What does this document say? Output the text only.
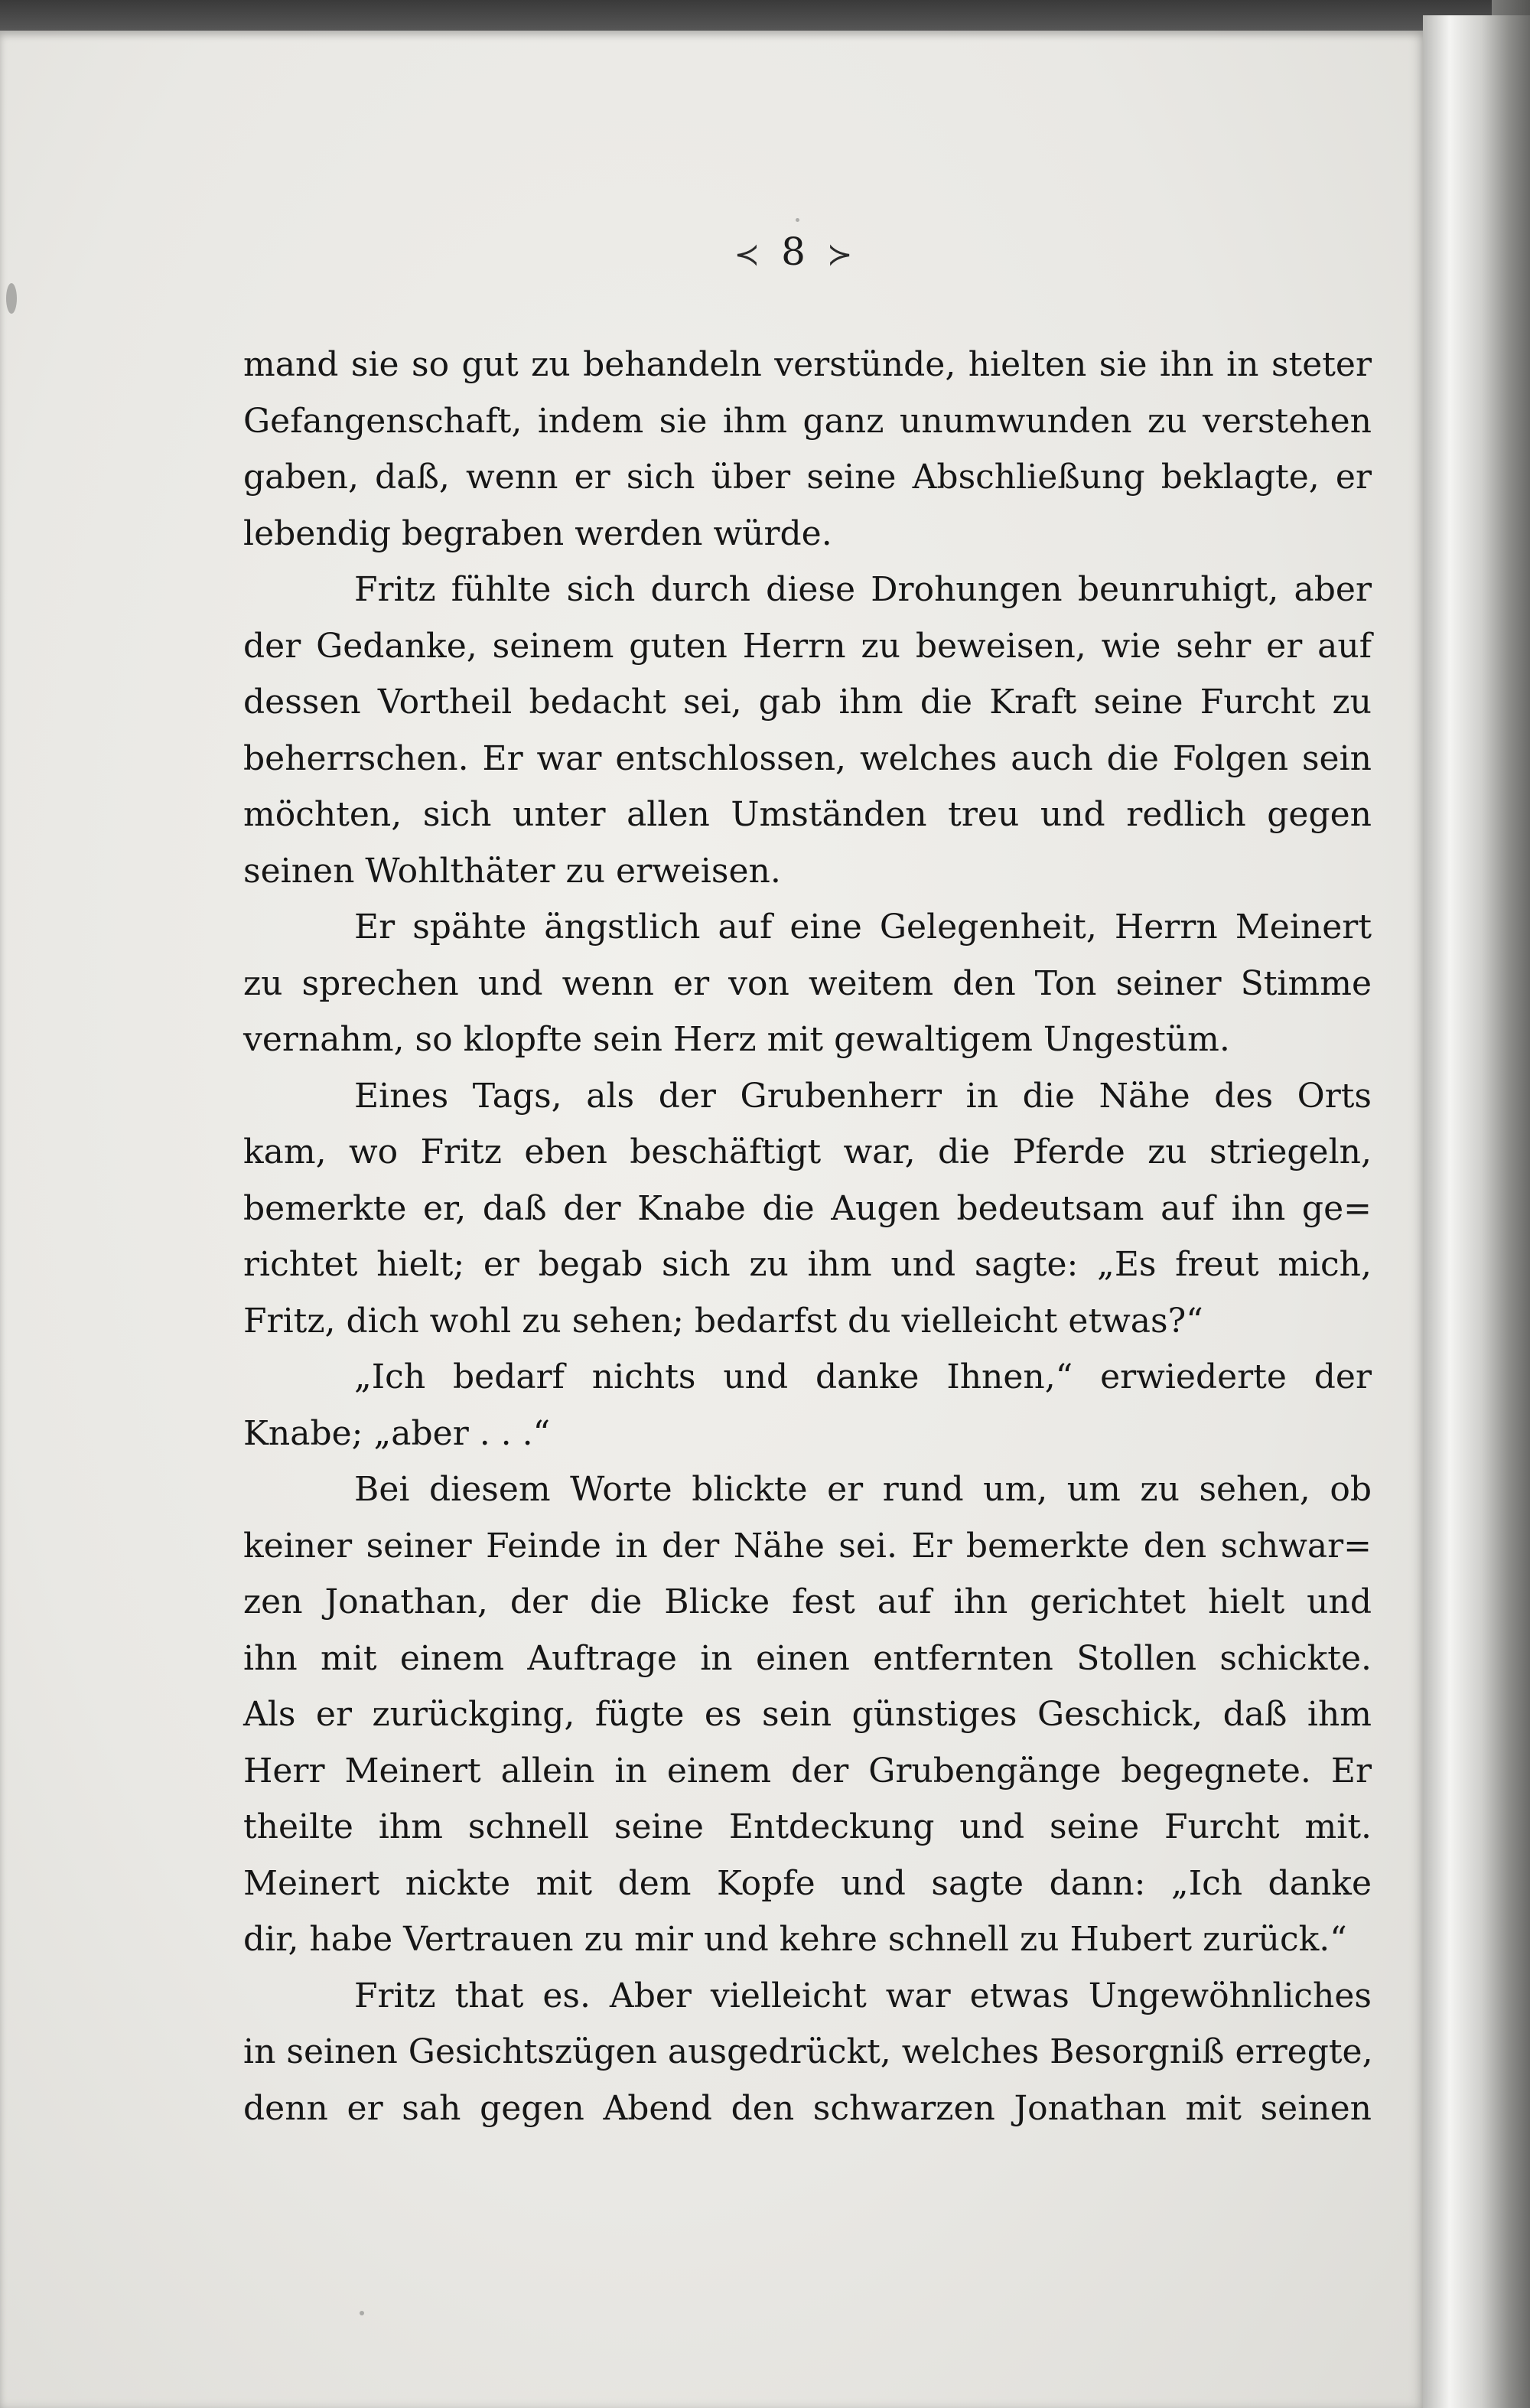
≺ 8 ≻
mand sie so gut zu behandeln verstünde, hielten sie ihn in steter
Gefangenschaft, indem sie ihm ganz unumwunden zu verstehen
gaben, daß, wenn er sich über seine Abschließung beklagte, er
lebendig begraben werden würde.
Fritz fühlte sich durch diese Drohungen beunruhigt, aber
der Gedanke, seinem guten Herrn zu beweisen, wie sehr er auf
dessen Vortheil bedacht sei, gab ihm die Kraft seine Furcht zu
beherrschen. Er war entschlossen, welches auch die Folgen sein
möchten, sich unter allen Umständen treu und redlich gegen
seinen Wohlthäter zu erweisen.
Er spähte ängstlich auf eine Gelegenheit, Herrn Meinert
zu sprechen und wenn er von weitem den Ton seiner Stimme
vernahm, so klopfte sein Herz mit gewaltigem Ungestüm.
Eines Tags, als der Grubenherr in die Nähe des Orts
kam, wo Fritz eben beschäftigt war, die Pferde zu striegeln,
bemerkte er, daß der Knabe die Augen bedeutsam auf ihn ge=
richtet hielt; er begab sich zu ihm und sagte: „Es freut mich,
Fritz, dich wohl zu sehen; bedarfst du vielleicht etwas?“
„Ich bedarf nichts und danke Ihnen,“ erwiederte der
Knabe; „aber . . .“
Bei diesem Worte blickte er rund um, um zu sehen, ob
keiner seiner Feinde in der Nähe sei. Er bemerkte den schwar=
zen Jonathan, der die Blicke fest auf ihn gerichtet hielt und
ihn mit einem Auftrage in einen entfernten Stollen schickte.
Als er zurückging, fügte es sein günstiges Geschick, daß ihm
Herr Meinert allein in einem der Grubengänge begegnete. Er
theilte ihm schnell seine Entdeckung und seine Furcht mit.
Meinert nickte mit dem Kopfe und sagte dann: „Ich danke
dir, habe Vertrauen zu mir und kehre schnell zu Hubert zurück.“
Fritz that es. Aber vielleicht war etwas Ungewöhnliches
in seinen Gesichtszügen ausgedrückt, welches Besorgniß erregte,
denn er sah gegen Abend den schwarzen Jonathan mit seinen
